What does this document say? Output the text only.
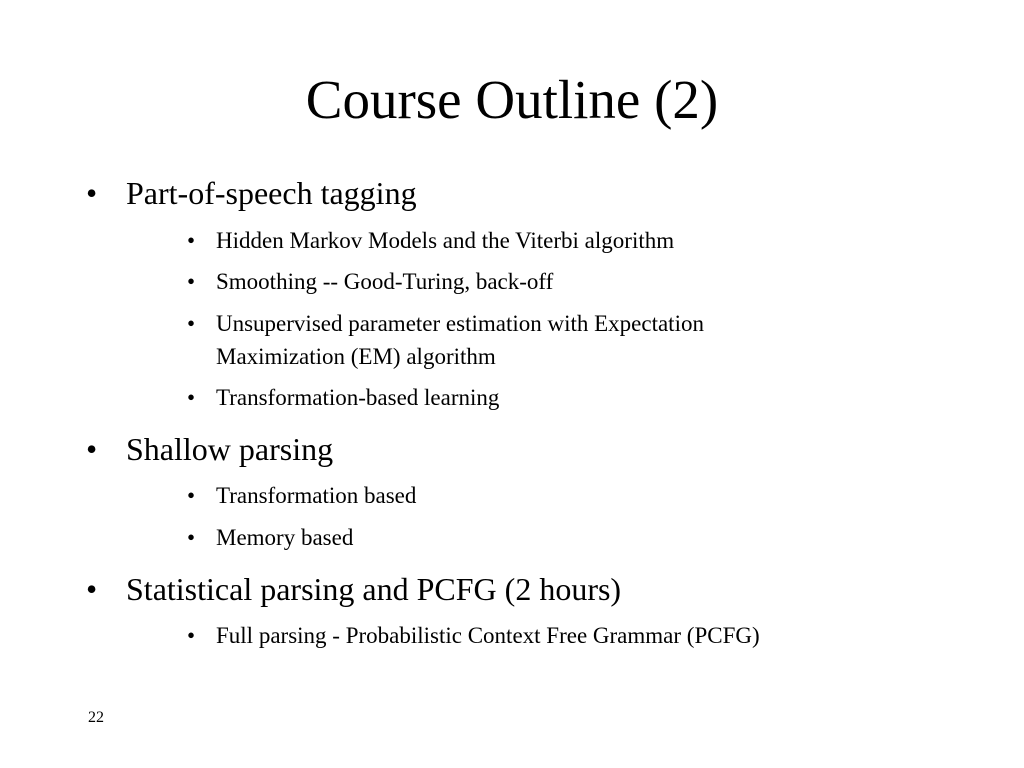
Course Outline (2)
• Part-of-speech tagging
• Hidden Markov Models and the Viterbi algorithm
• Smoothing -- Good-Turing, back-off
• Unsupervised parameter estimation with Expectation Maximization (EM) algorithm
• Transformation-based learning
• Shallow parsing
• Transformation based
• Memory based
• Statistical parsing and PCFG (2 hours)
• Full parsing - Probabilistic Context Free Grammar (PCFG)
22
